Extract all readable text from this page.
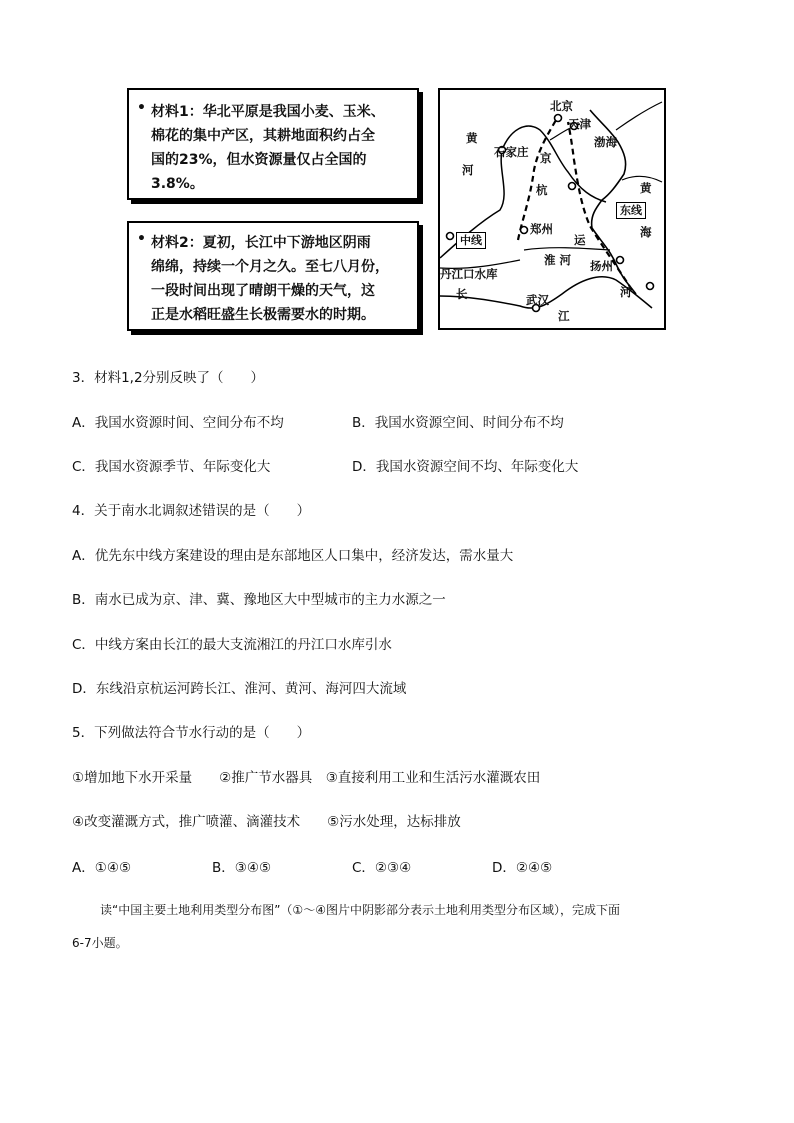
• 材料1：华北平原是我国小麦、玉米、

棉花的集中产区，其耕地面积约占全

国的23%，但水资源量仅占全国的

3.8%。

• 材料2：夏初，长江中下游地区阴雨

绵绵，持续一个月之久。至七八月份，

一段时间出现了晴朗干燥的天气，这

正是水稻旺盛生长极需要水的时期。

北京
天津
渤海
黄
河
石家庄 京
杭	黄
海
东线
中线
郑州
运
丹江口水库
淮 河 扬州
长	武汉
江
河
3．材料1,2分别反映了（　　）
A．我国水资源时间、空间分布不均	B．我国水资源空间、时间分布不均
C．我国水资源季节、年际变化大	D．我国水资源空间不均、年际变化大
4．关于南水北调叙述错误的是（　　）
A．优先东中线方案建设的理由是东部地区人口集中，经济发达，需水量大
B．南水已成为京、津、冀、豫地区大中型城市的主力水源之一
C．中线方案由长江的最大支流湘江的丹江口水库引水
D．东线沿京杭运河跨长江、淮河、黄河、海河四大流域
5．下列做法符合节水行动的是（　　）
①增加地下水开采量　　②推广节水器具　③直接利用工业和生活污水灌溉农田
④改变灌溉方式，推广喷灌、滴灌技术　　⑤污水处理，达标排放
A．①④⑤	B．③④⑤	C．②③④	D．②④⑤
读“中国主要土地利用类型分布图”（①～④图片中阴影部分表示土地利用类型分布区域），完成下面
6-7小题。
